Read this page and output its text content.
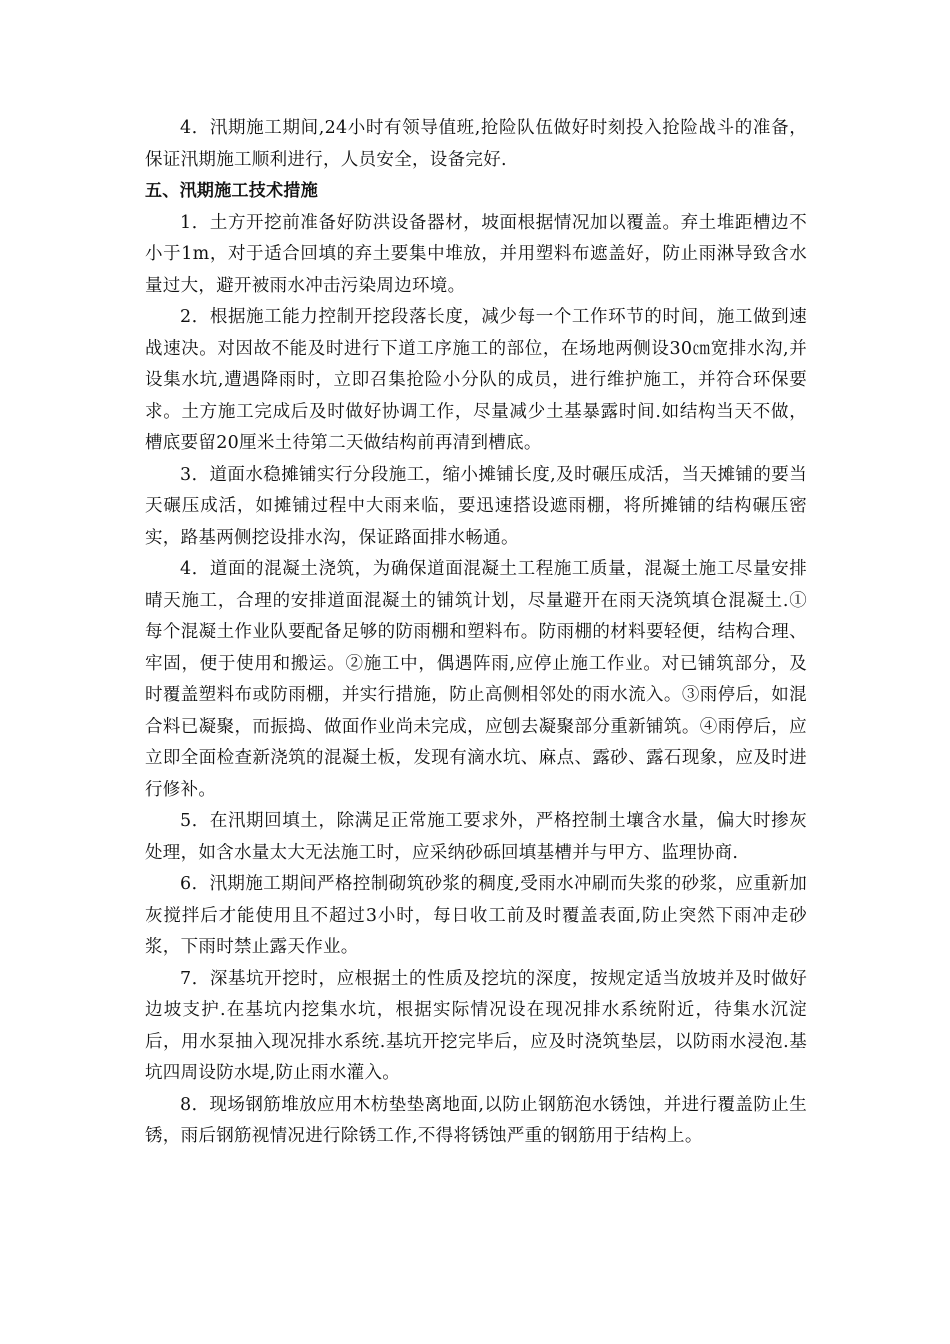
4．汛期施工期间,24小时有领导值班,抢险队伍做好时刻投入抢险战斗的准备，保证汛期施工顺利进行，人员安全，设备完好.

五、汛期施工技术措施

1．土方开挖前准备好防洪设备器材，坡面根据情况加以覆盖。弃土堆距槽边不小于1m，对于适合回填的弃土要集中堆放，并用塑料布遮盖好，防止雨淋导致含水量过大，避开被雨水冲击污染周边环境。

2．根据施工能力控制开挖段落长度，减少每一个工作环节的时间，施工做到速战速决。对因故不能及时进行下道工序施工的部位，在场地两侧设30㎝宽排水沟,并设集水坑,遭遇降雨时，立即召集抢险小分队的成员，进行维护施工，并符合环保要求。土方施工完成后及时做好协调工作，尽量减少土基暴露时间.如结构当天不做，槽底要留20厘米土待第二天做结构前再清到槽底。

3．道面水稳摊铺实行分段施工，缩小摊铺长度,及时碾压成活，当天摊铺的要当天碾压成活，如摊铺过程中大雨来临，要迅速搭设遮雨棚，将所摊铺的结构碾压密实，路基两侧挖设排水沟，保证路面排水畅通。

4．道面的混凝土浇筑，为确保道面混凝土工程施工质量，混凝土施工尽量安排晴天施工，合理的安排道面混凝土的铺筑计划，尽量避开在雨天浇筑填仓混凝土.①每个混凝土作业队要配备足够的防雨棚和塑料布。防雨棚的材料要轻便，结构合理、牢固，便于使用和搬运。②施工中，偶遇阵雨,应停止施工作业。对已铺筑部分，及时覆盖塑料布或防雨棚，并实行措施，防止高侧相邻处的雨水流入。③雨停后，如混合料已凝聚，而振捣、做面作业尚未完成，应刨去凝聚部分重新铺筑。④雨停后，应立即全面检查新浇筑的混凝土板，发现有滴水坑、麻点、露砂、露石现象，应及时进行修补。

5．在汛期回填土，除满足正常施工要求外，严格控制土壤含水量，偏大时掺灰处理，如含水量太大无法施工时，应采纳砂砾回填基槽并与甲方、监理协商.

6．汛期施工期间严格控制砌筑砂浆的稠度,受雨水冲刷而失浆的砂浆，应重新加灰搅拌后才能使用且不超过3小时，每日收工前及时覆盖表面,防止突然下雨冲走砂浆，下雨时禁止露天作业。

7．深基坑开挖时，应根据土的性质及挖坑的深度，按规定适当放坡并及时做好边坡支护.在基坑内挖集水坑，根据实际情况设在现况排水系统附近，待集水沉淀后，用水泵抽入现况排水系统.基坑开挖完毕后，应及时浇筑垫层，以防雨水浸泡.基坑四周设防水堤,防止雨水灌入。

8．现场钢筋堆放应用木枋垫垫离地面,以防止钢筋泡水锈蚀，并进行覆盖防止生锈，雨后钢筋视情况进行除锈工作,不得将锈蚀严重的钢筋用于结构上。
